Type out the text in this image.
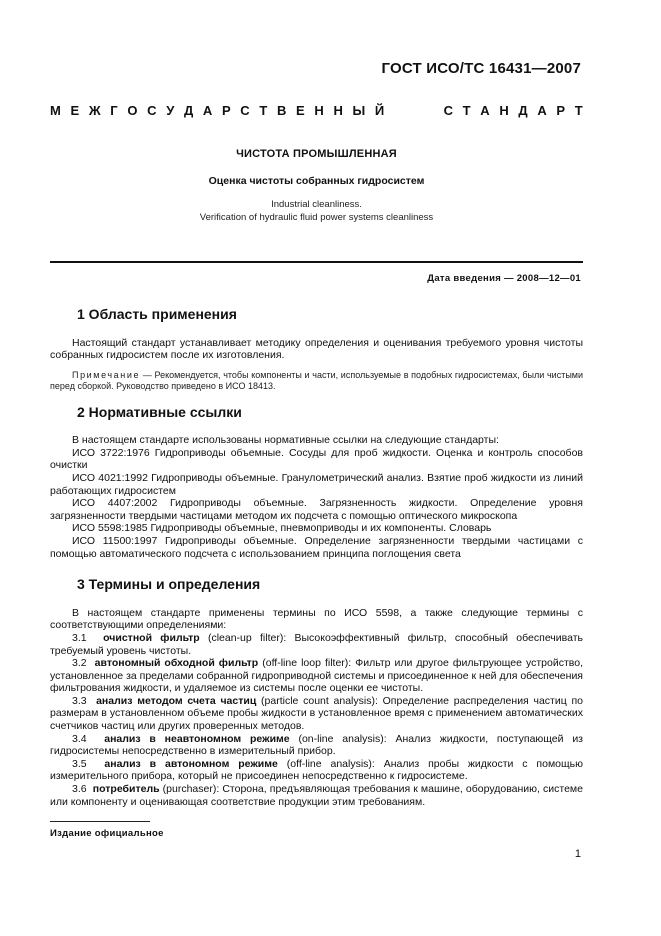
ГОСТ ИСО/ТС 16431—2007
М Е Ж Г О С У Д А Р С Т В Е Н Н Ы Й	С Т А Н Д А Р Т
ЧИСТОТА ПРОМЫШЛЕННАЯ
Оценка чистоты собранных гидросистем
Industrial cleanliness.
Verification of hydraulic fluid power systems cleanliness
Дата введения — 2008—12—01
1 Область применения

Настоящий стандарт устанавливает методику определения и оценивания требуемого уровня чистоты собранных гидросистем после их изготовления.

Примечание — Рекомендуется, чтобы компоненты и части, используемые в подобных гидросистемах, были чистыми перед сборкой. Руководство приведено в ИСО 18413.

2 Нормативные ссылки

В настоящем стандарте использованы нормативные ссылки на следующие стандарты:

ИСО 3722:1976 Гидроприводы объемные. Сосуды для проб жидкости. Оценка и контроль способов очистки

ИСО 4021:1992 Гидроприводы объемные. Гранулометрический анализ. Взятие проб жидкости из линий работающих гидросистем

ИСО 4407:2002 Гидроприводы объемные. Загрязненность жидкости. Определение уровня загрязненности твердыми частицами методом их подсчета с помощью оптического микроскопа

ИСО 5598:1985 Гидроприводы объемные, пневмоприводы и их компоненты. Словарь

ИСО 11500:1997 Гидроприводы объемные. Определение загрязненности твердыми частицами с помощью автоматического подсчета с использованием принципа поглощения света

3 Термины и определения

В настоящем стандарте применены термины по ИСО 5598, а также следующие термины с соответствующими определениями:

3.1 очистной фильтр (clean-up filter): Высокоэффективный фильтр, способный обеспечивать требуемый уровень чистоты.

3.2 автономный обходной фильтр (off-line loop filter): Фильтр или другое фильтрующее устройство, установленное за пределами собранной гидроприводной системы и присоединенное к ней для обеспечения фильтрования жидкости, и удаляемое из системы после оценки ее чистоты.

3.3 анализ методом счета частиц (particle count analysis): Определение распределения частиц по размерам в установленном объеме пробы жидкости в установленное время с применением автоматических счетчиков частиц или других проверенных методов.

3.4 анализ в неавтономном режиме (on-line analysis): Анализ жидкости, поступающей из гидросистемы непосредственно в измерительный прибор.

3.5 анализ в автономном режиме (off-line analysis): Анализ пробы жидкости с помощью измерительного прибора, который не присоединен непосредственно к гидросистеме.

3.6 потребитель (purchaser): Сторона, предъявляющая требования к машине, оборудованию, системе или компоненту и оценивающая соответствие продукции этим требованиям.

Издание официальное
1
